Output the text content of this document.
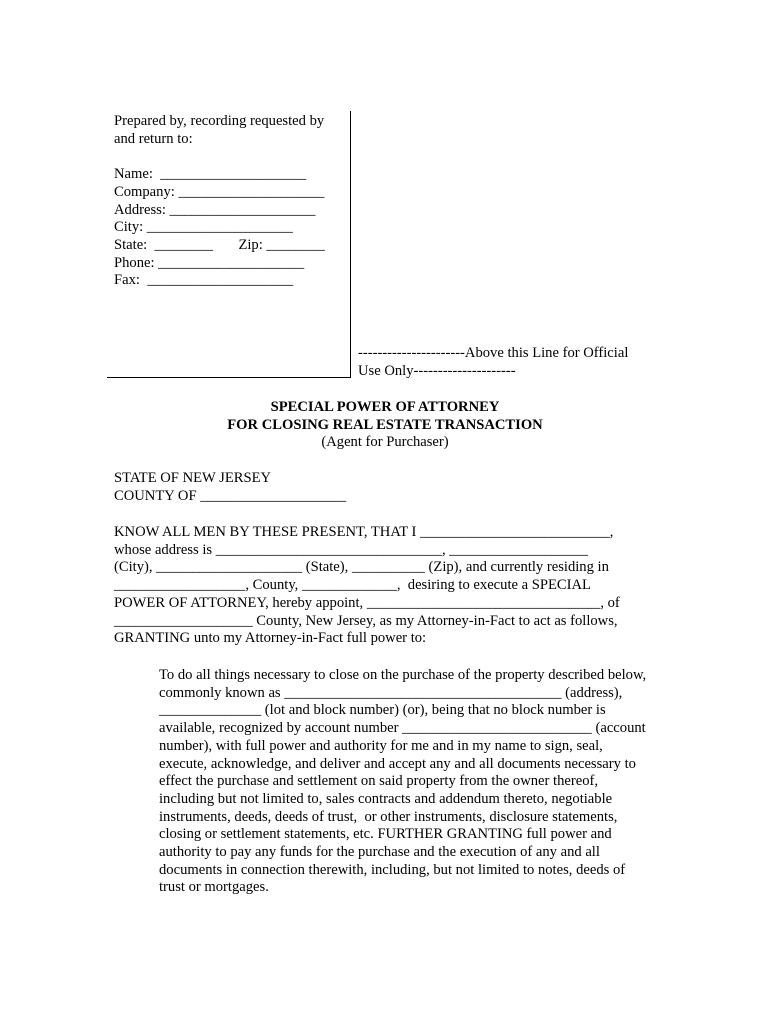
Prepared by, recording requested by
and return to:
Name:  ____________________
Company: ____________________
Address: ____________________
City: ____________________
State:  ________       Zip: ________
Phone: ____________________
Fax:  ____________________
----------------------Above this Line for Official
Use Only---------------------
SPECIAL POWER OF ATTORNEY
FOR CLOSING REAL ESTATE TRANSACTION
(Agent for Purchaser)
STATE OF NEW JERSEY
COUNTY OF ____________________
KNOW ALL MEN BY THESE PRESENT, THAT I __________________________,
whose address is _______________________________, ___________________
(City), ____________________ (State), __________ (Zip), and currently residing in
__________________, County, _____________,  desiring to execute a SPECIAL
POWER OF ATTORNEY, hereby appoint, ________________________________, of
___________________ County, New Jersey, as my Attorney-in-Fact to act as follows,
GRANTING unto my Attorney-in-Fact full power to:
To do all things necessary to close on the purchase of the property described below,
commonly known as ______________________________________ (address),
______________ (lot and block number) (or), being that no block number is
available, recognized by account number __________________________ (account
number), with full power and authority for me and in my name to sign, seal,
execute, acknowledge, and deliver and accept any and all documents necessary to
effect the purchase and settlement on said property from the owner thereof,
including but not limited to, sales contracts and addendum thereto, negotiable
instruments, deeds, deeds of trust,  or other instruments, disclosure statements,
closing or settlement statements, etc. FURTHER GRANTING full power and
authority to pay any funds for the purchase and the execution of any and all
documents in connection therewith, including, but not limited to notes, deeds of
trust or mortgages.
